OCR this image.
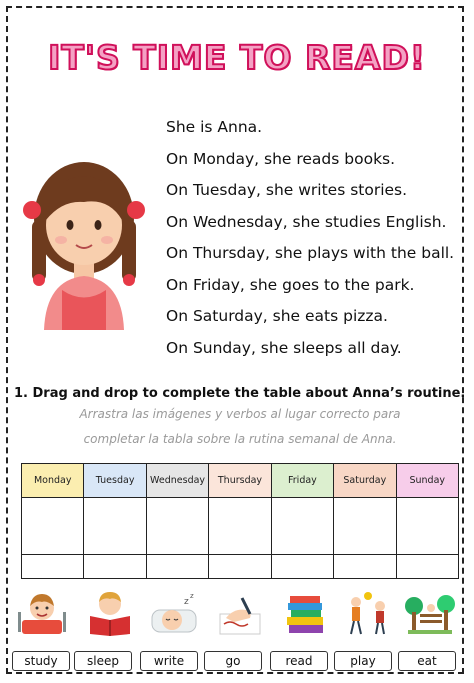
IT'S TIME TO READ!
She is Anna.
On Monday, she reads books.
On Tuesday, she writes stories.
On Wednesday, she studies English.
On Thursday, she plays with the ball.
On Friday, she goes to the park.
On Saturday, she eats pizza.
On Sunday, she sleeps all day.
1. Drag and drop to complete the table about Anna’s routine.
Arrastra las imágenes y verbos al lugar correcto para
completar la tabla sobre la rutina semanal de Anna.
Monday	Tuesday	Wednesday	Thursday	Friday	Saturday	Sunday

z
z
study	sleep	write	go	read	play	eat
